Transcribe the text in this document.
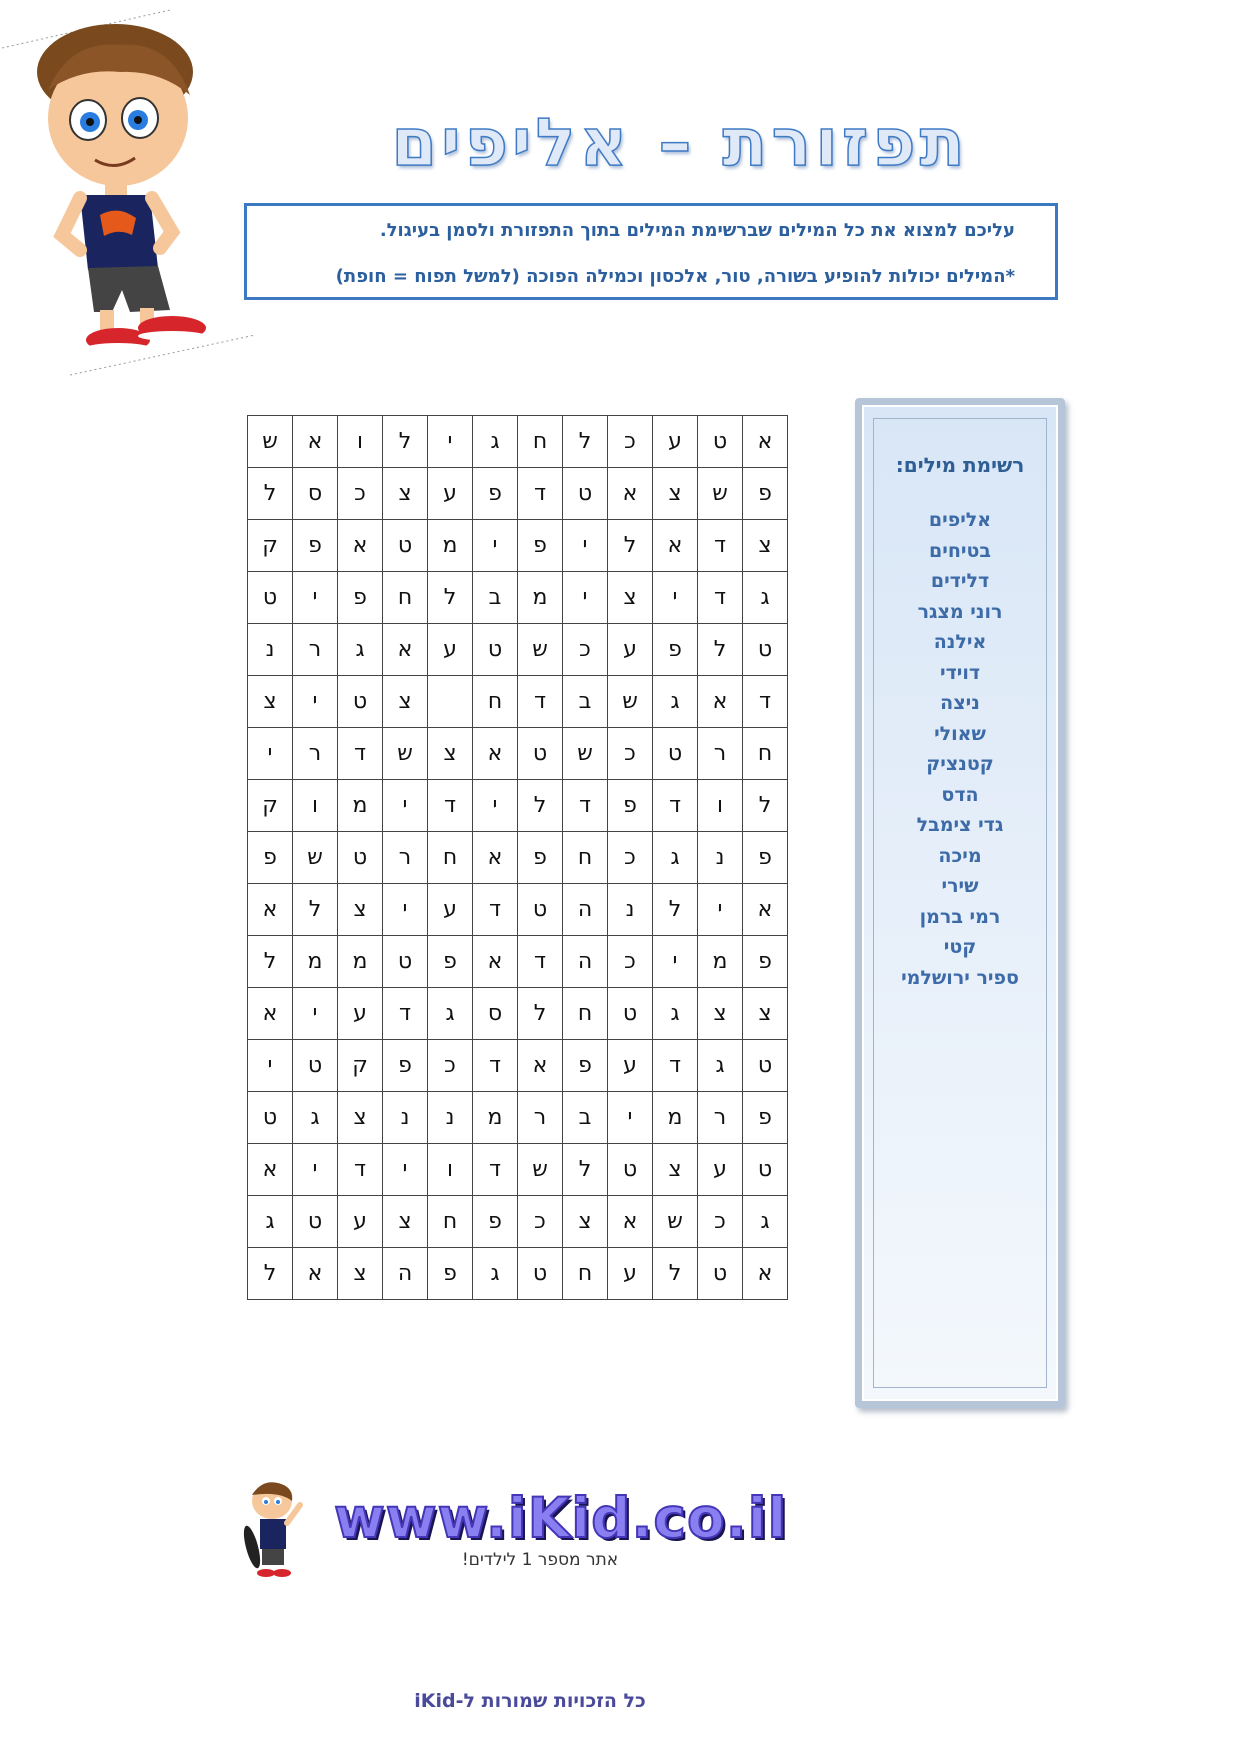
תפזורת – אליפים

עליכם למצוא את כל המילים שברשימת המילים בתוך התפזורת ולסמן בעיגול.

*המילים יכולות להופיע בשורה, טור, אלכסון וכמילה הפוכה (למשל תפוח = חופת)

א	ט	ע	כ	ל	ח	ג	י	ל	ו	א	ש
פ	ש	צ	א	ט	ד	פ	ע	צ	כ	ס	ל
צ	ד	א	ל	י	פ	י	מ	ט	א	פ	ק
ג	ד	י	צ	י	מ	ב	ל	ח	פ	י	ט
ט	ל	פ	ע	כ	ש	ט	ע	א	ג	ר	נ
ד	א	ג	ש	ב	ד	ח		צ	ט	י	צ
ח	ר	ט	כ	ש	ט	א	צ	ש	ד	ר	י
ל	ו	ד	פ	ד	ל	י	ד	י	מ	ו	ק
פ	נ	ג	כ	ח	פ	א	ח	ר	ט	ש	פ
א	י	ל	נ	ה	ט	ד	ע	י	צ	ל	א
פ	מ	י	כ	ה	ד	א	פ	ט	מ	מ	ל
צ	צ	ג	ט	ח	ל	ס	ג	ד	ע	י	א
ט	ג	ד	ע	פ	א	ד	כ	פ	ק	ט	י
פ	ר	מ	י	ב	ר	מ	נ	נ	צ	ג	ט
ט	ע	צ	ט	ל	ש	ד	ו	י	ד	י	א
ג	כ	ש	א	צ	כ	פ	ח	צ	ע	ט	ג
א	ט	ל	ע	ח	ט	ג	פ	ה	צ	א	ל
רשימת מילים:
אליפים
בטיחים
דלידים
רוני מצגר
אילנה
דוידי
ניצה
שאולי
קטנציק
הדס
גדי צימבל
מיכה
שירי
רמי ברמן
קטי
ספיר ירושלמי
www.iKid.co.il
אתר מספר 1 לילדים!
כל הזכויות שמורות ל-iKid
